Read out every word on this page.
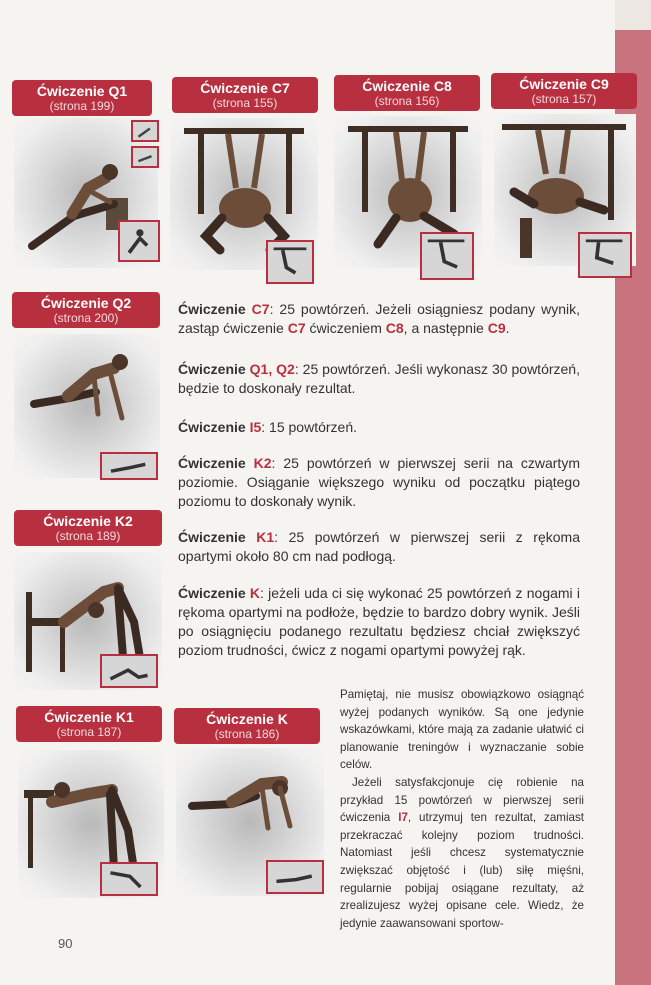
Ćwiczenie Q1
(strona 199)
Ćwiczenie C7
(strona 155)
Ćwiczenie C8
(strona 156)
Ćwiczenie C9
(strona 157)
Ćwiczenie Q2
(strona 200)
Ćwiczenie K2
(strona 189)
Ćwiczenie K1
(strona 187)
Ćwiczenie K
(strona 186)
Ćwiczenie C7: 25 powtórzeń. Jeżeli osiągniesz podany wynik, zastąp ćwiczenie C7 ćwiczeniem C8, a następnie C9.
Ćwiczenie Q1, Q2: 25 powtórzeń. Jeśli wykonasz 30 powtórzeń, będzie to doskonały rezultat.
Ćwiczenie I5: 15 powtórzeń.
Ćwiczenie K2: 25 powtórzeń w pierwszej serii na czwartym poziomie. Osiąganie większego wyniku od początku piątego poziomu to doskonały wynik.
Ćwiczenie K1: 25 powtórzeń w pierwszej serii z rękoma opartymi około 80 cm nad podłogą.
Ćwiczenie K: jeżeli uda ci się wykonać 25 powtórzeń z nogami i rękoma opartymi na podłoże, będzie to bardzo dobry wynik. Jeśli po osiągnięciu podanego rezultatu będziesz chciał zwiększyć poziom trudności, ćwicz z nogami opartymi powyżej rąk.

Pamiętaj, nie musisz obowiązkowo osiągnąć wyżej podanych wyników. Są one jedynie wskazówkami, które mają za zadanie ułatwić ci planowanie treningów i wyznaczanie sobie celów.

Jeżeli satysfakcjonuje cię robienie na przykład 15 powtórzeń w pierwszej serii ćwiczenia I7, utrzymuj ten rezultat, zamiast przekraczać kolejny poziom trudności. Natomiast jeśli chcesz systematycznie zwiększać objętość i (lub) siłę mięśni, regularnie pobijaj osiągane rezultaty, aż zrealizujesz wyżej opisane cele. Wiedz, że jedynie zaawansowani sportow-

90
